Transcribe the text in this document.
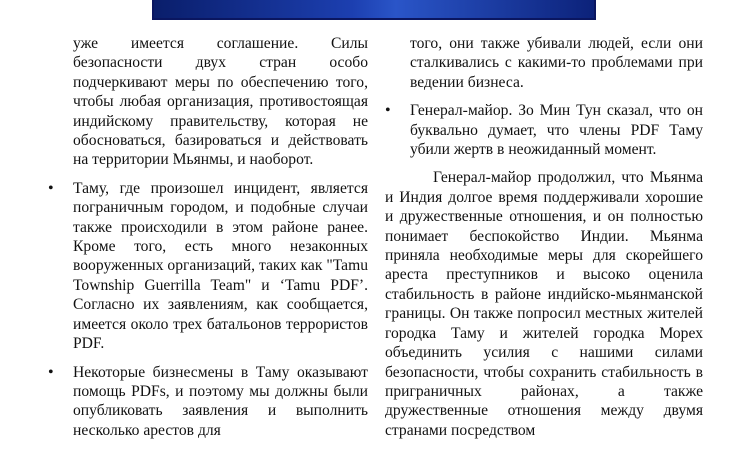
уже имеется соглашение. Силы безопасности двух стран особо подчеркивают меры по обеспечению того, чтобы любая организация, противостоящая индийскому правительству, которая не обосноваться, базироваться и действовать на территории Мьянмы, и наоборот.

• Таму, где произошел инцидент, является пограничным городом, и подобные случаи также происходили в этом районе ранее. Кроме того, есть много незаконных вооруженных организаций, таких как "Tamu Township Guerrilla Team" и ‘Tamu PDF’. Согласно их заявлениям, как сообщается, имеется около трех батальонов террористов PDF.

• Некоторые бизнесмены в Таму оказывают помощь PDFs, и поэтому мы должны были опубликовать заявления и выполнить несколько арестов для

того, они также убивали людей, если они сталкивались с какими-то проблемами при ведении бизнеса.

• Генерал-майор. Зо Мин Тун сказал, что он буквально думает, что члены PDF Таму убили жертв в неожиданный момент.

Генерал-майор продолжил, что Мьянма и Индия долгое время поддерживали хорошие и дружественные отношения, и он полностью понимает беспокойство Индии. Мьянма приняла необходимые меры для скорейшего ареста преступников и высоко оценила стабильность в районе индийско-мьянманской границы. Он также попросил местных жителей городка Таму и жителей городка Морех объединить усилия с нашими силами безопасности, чтобы сохранить стабильность в приграничных районах, а также дружественные отношения между двумя странами посредством
